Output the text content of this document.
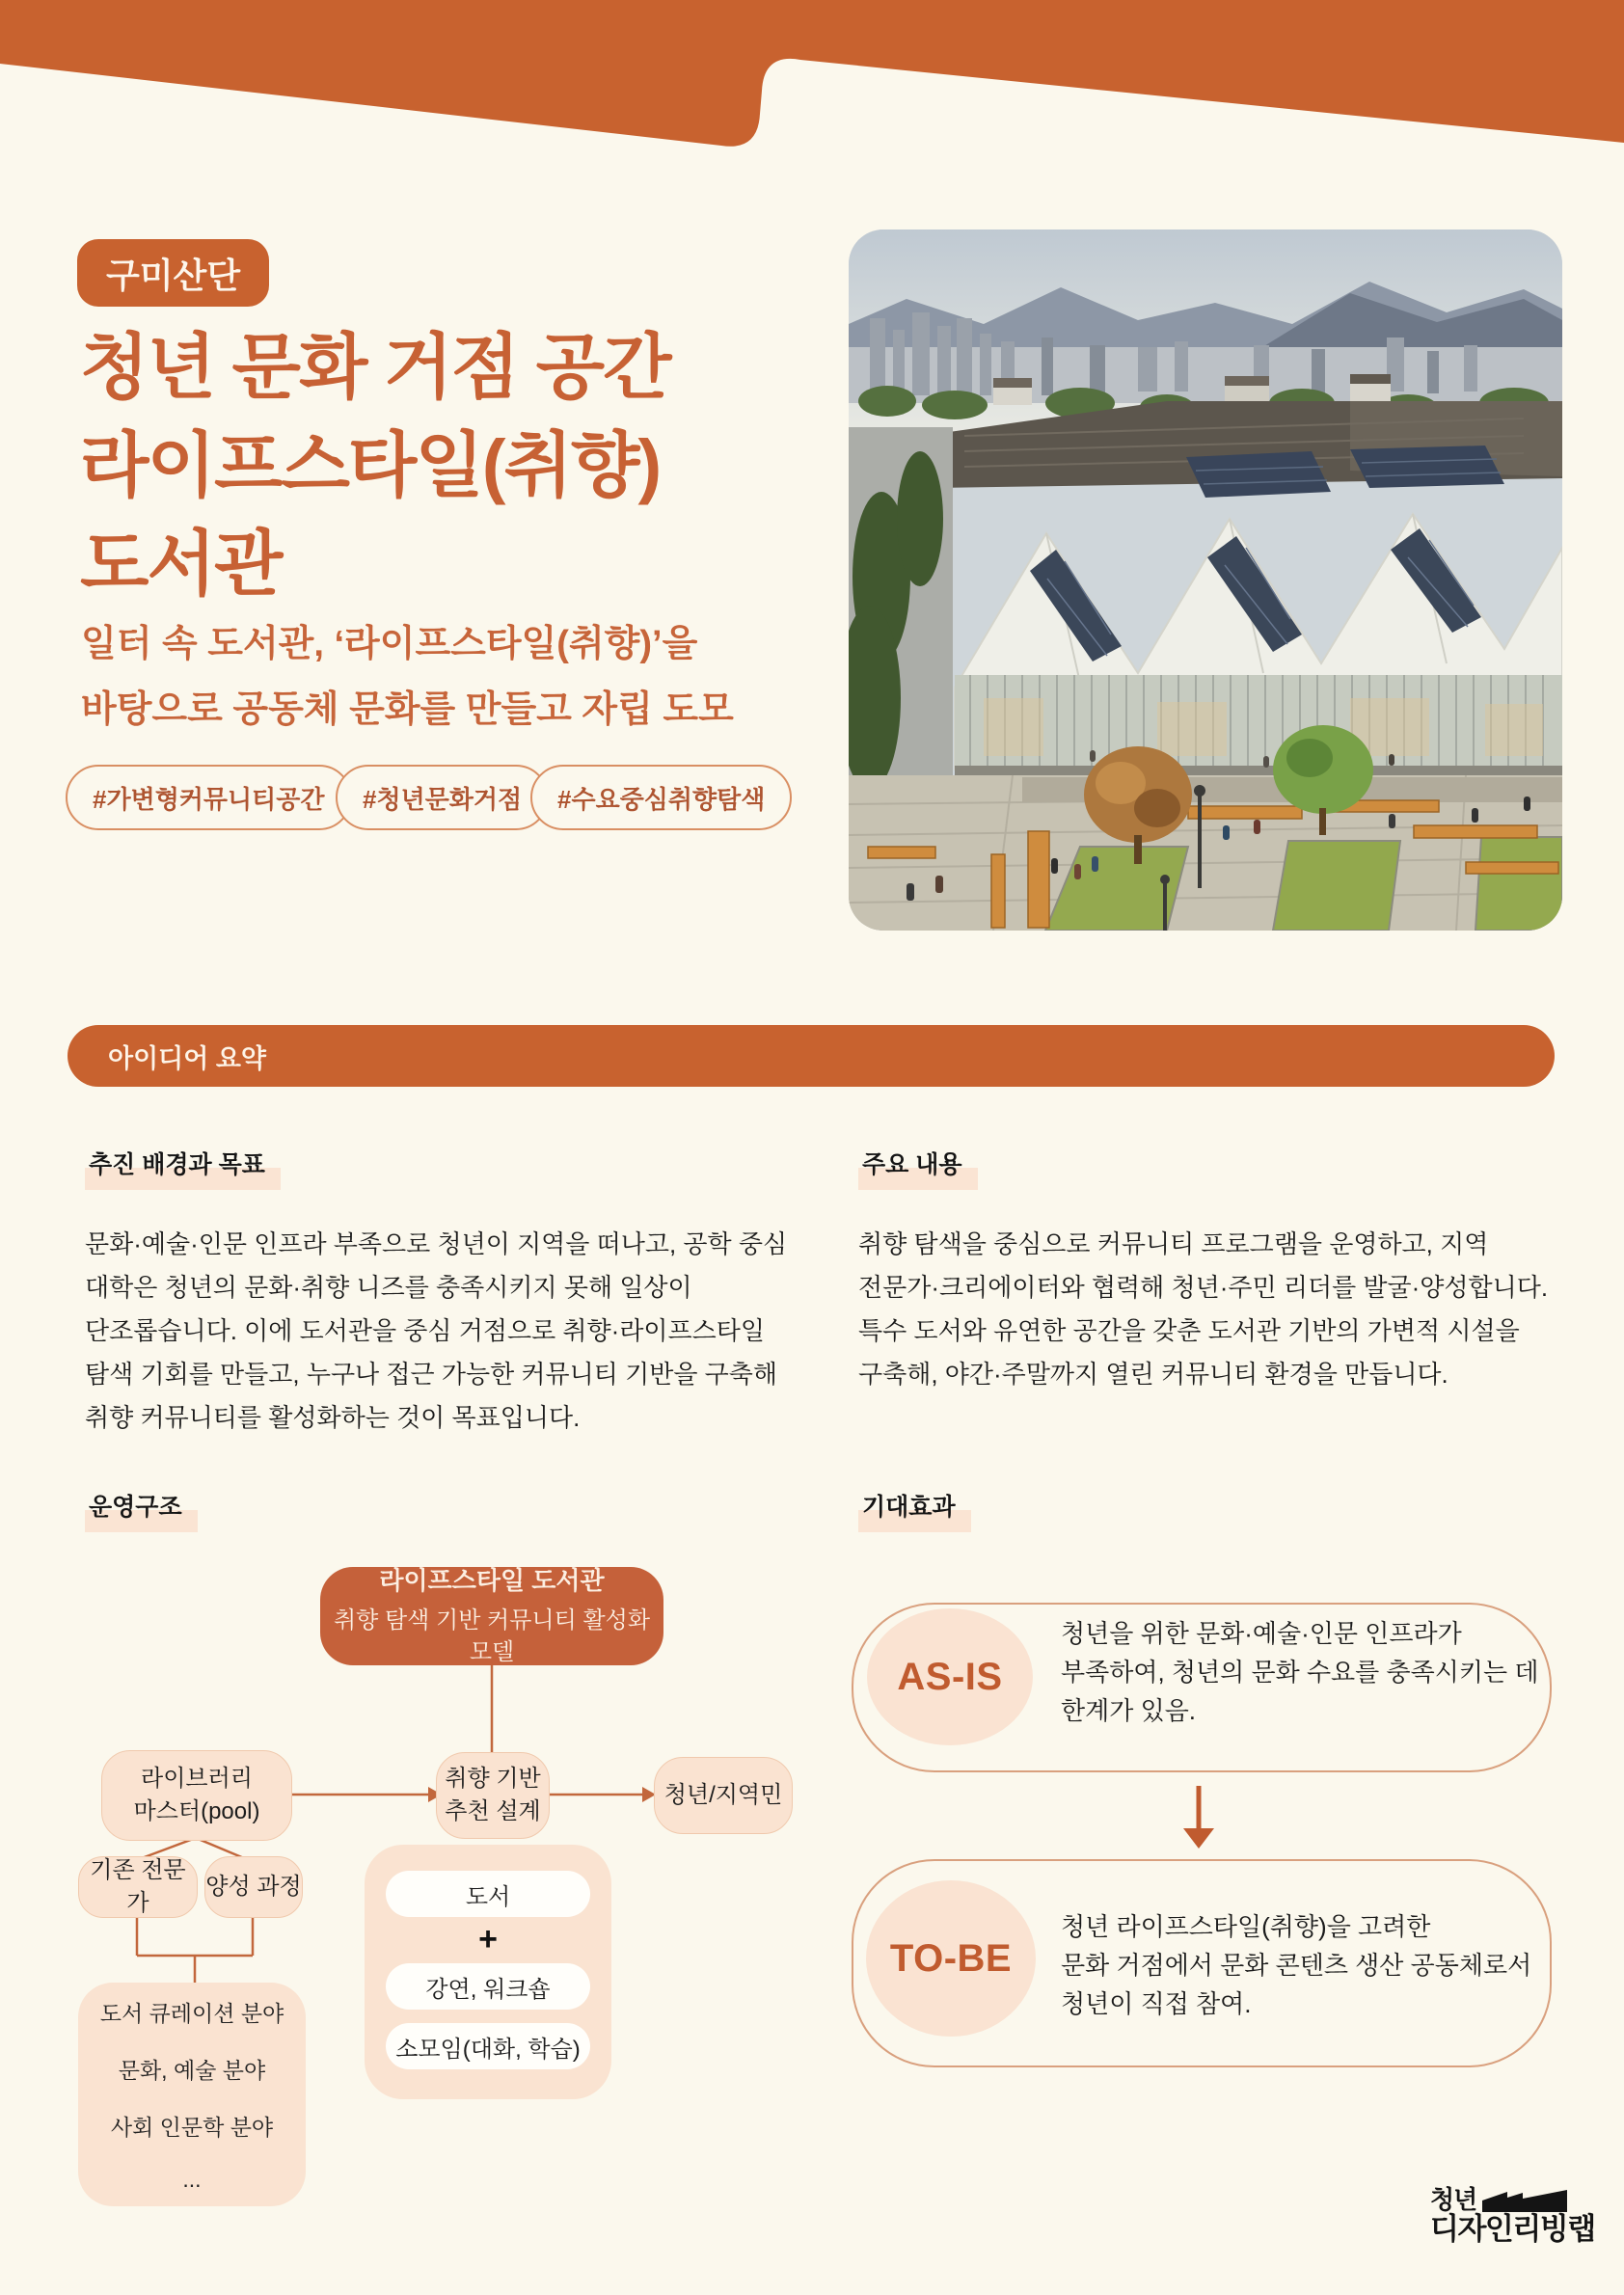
구미산단
청년 문화 거점 공간
라이프스타일(취향)
도서관
일터 속 도서관, ‘라이프스타일(취향)’을
바탕으로 공동체 문화를 만들고 자립 도모
#가변형커뮤니티공간	#청년문화거점	#수요중심취향탐색
아이디어 요약
추진 배경과 목표	주요 내용
문화·예술·인문 인프라 부족으로 청년이 지역을 떠나고, 공학 중심
대학은 청년의 문화·취향 니즈를 충족시키지 못해 일상이
단조롭습니다. 이에 도서관을 중심 거점으로 취향·라이프스타일
탐색 기회를 만들고, 누구나 접근 가능한 커뮤니티 기반을 구축해
취향 커뮤니티를 활성화하는 것이 목표입니다.
취향 탐색을 중심으로 커뮤니티 프로그램을 운영하고, 지역
전문가·크리에이터와 협력해 청년·주민 리더를 발굴·양성합니다.
특수 도서와 유연한 공간을 갖춘 도서관 기반의 가변적 시설을
구축해, 야간·주말까지 열린 커뮤니티 환경을 만듭니다.
운영구조	기대효과
라이프스타일 도서관
취향 탐색 기반 커뮤니티 활성화 모델
라이브러리
마스터(pool)
취향 기반
추천 설계
청년/지역민
기존 전문가
양성 과정
도서 큐레이션 분야
문화, 예술 분야
사회 인문학 분야
...
도서
+
강연, 워크숍
소모임(대화, 학습)
AS-IS
청년을 위한 문화·예술·인문 인프라가
부족하여, 청년의 문화 수요를 충족시키는 데
한계가 있음.
TO-BE
청년 라이프스타일(취향)을 고려한
문화 거점에서 문화 콘텐츠 생산 공동체로서
청년이 직접 참여.
청년
디자인리빙랩
